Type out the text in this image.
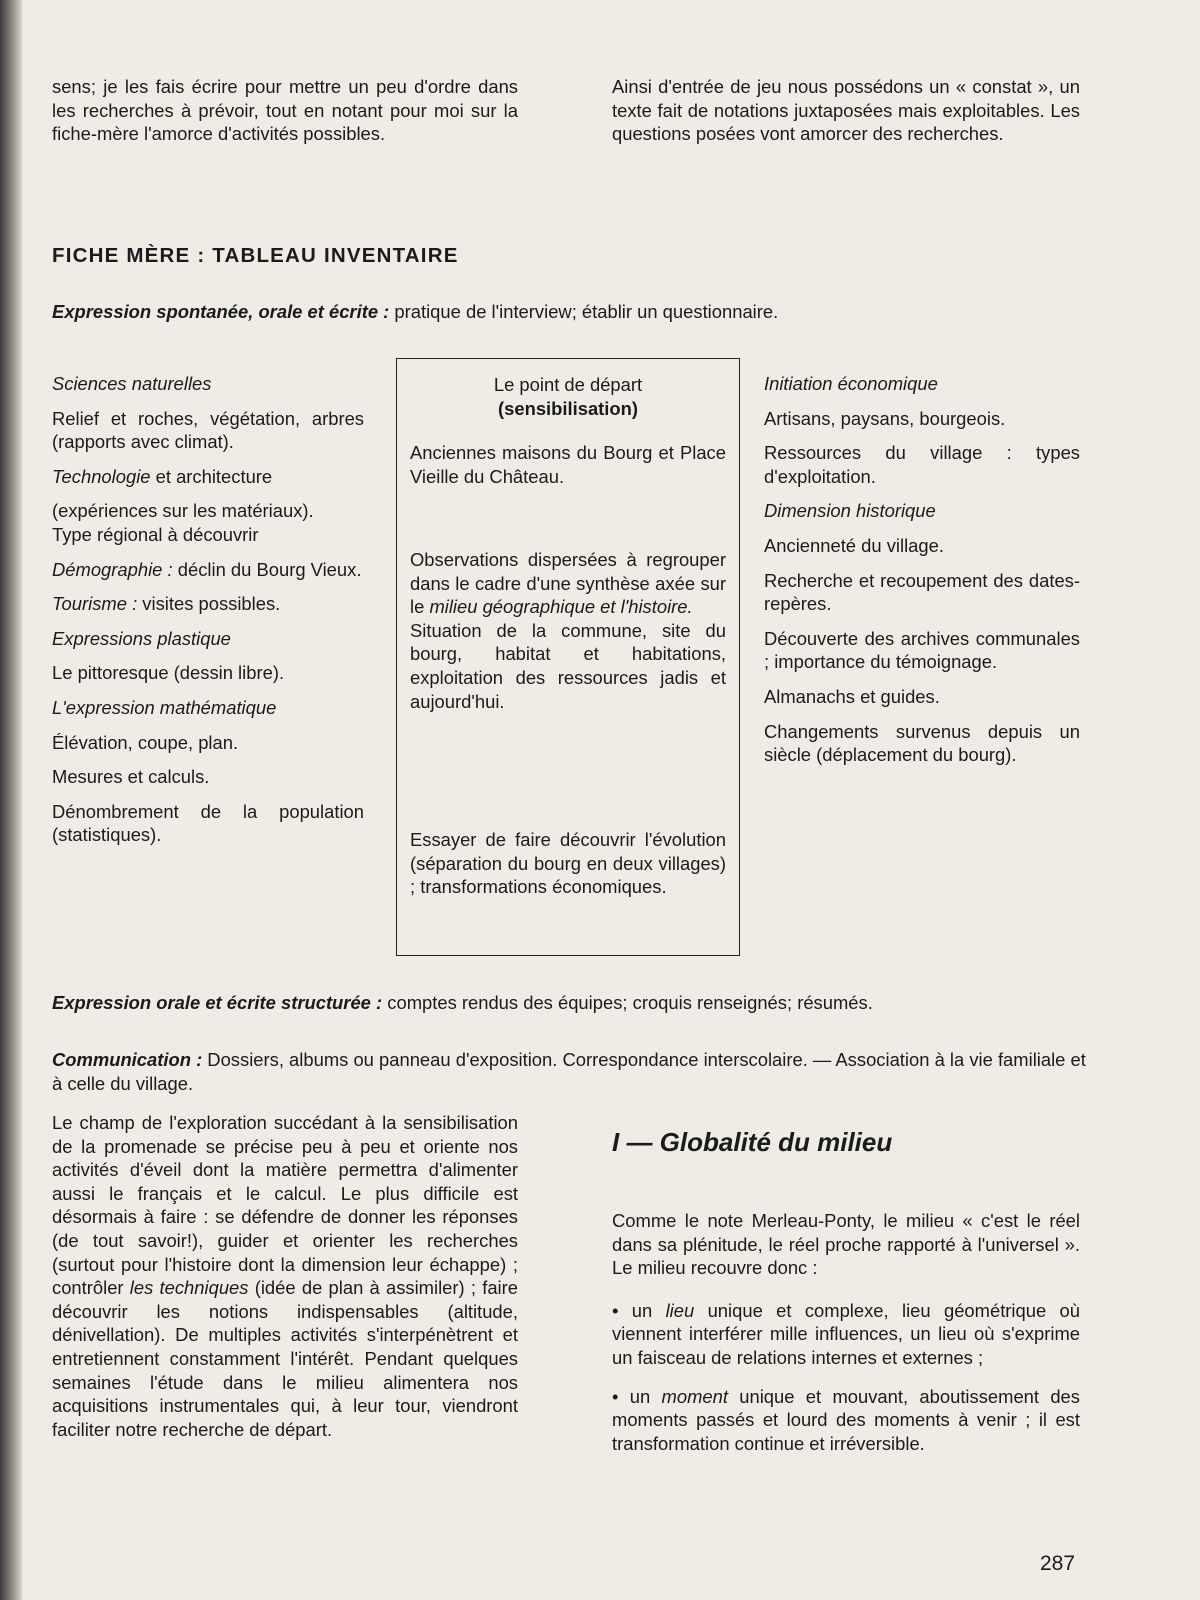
sens; je les fais écrire pour mettre un peu d'ordre dans les recherches à prévoir, tout en notant pour moi sur la fiche-mère l'amorce d'activités possibles.

Ainsi d'entrée de jeu nous possédons un « constat », un texte fait de notations juxtaposées mais exploitables. Les questions posées vont amorcer des recherches.

FICHE MÈRE : TABLEAU INVENTAIRE
Expression spontanée, orale et écrite : pratique de l'interview; établir un questionnaire.

Sciences naturelles

Relief et roches, végétation, arbres (rapports avec climat).

Technologie et architecture

(expériences sur les matériaux).

Type régional à découvrir

Démographie : déclin du Bourg Vieux.

Tourisme : visites possibles.

Expressions plastique

Le pittoresque (dessin libre).

L'expression mathématique

Élévation, coupe, plan.

Mesures et calculs.

Dénombrement de la population (statistiques).

Le point de départ

(sensibilisation)

Anciennes maisons du Bourg et Place Vieille du Château.

Observations dispersées à regrouper dans le cadre d'une synthèse axée sur le milieu géographique et l'histoire.

Situation de la commune, site du bourg, habitat et habitations, exploitation des ressources jadis et aujourd'hui.

Essayer de faire découvrir l'évolution (séparation du bourg en deux villages) ; transformations économiques.

Initiation économique

Artisans, paysans, bourgeois.

Ressources du village : types d'exploitation.

Dimension historique

Ancienneté du village.

Recherche et recoupement des dates-repères.

Découverte des archives communales ; importance du témoignage.

Almanachs et guides.

Changements survenus depuis un siècle (déplacement du bourg).

Expression orale et écrite structurée : comptes rendus des équipes; croquis renseignés; résumés.
Communication : Dossiers, albums ou panneau d'exposition. Correspondance interscolaire. — Association à la vie familiale et à celle du village.

Le champ de l'exploration succédant à la sensibilisation de la promenade se précise peu à peu et oriente nos activités d'éveil dont la matière permettra d'alimenter aussi le français et le calcul. Le plus difficile est désormais à faire : se défendre de donner les réponses (de tout savoir!), guider et orienter les recherches (surtout pour l'histoire dont la dimension leur échappe) ; contrôler les techniques (idée de plan à assimiler) ; faire découvrir les notions indispensables (altitude, dénivellation). De multiples activités s'interpénètrent et entretiennent constamment l'intérêt. Pendant quelques semaines l'étude dans le milieu alimentera nos acquisitions instrumentales qui, à leur tour, viendront faciliter notre recherche de départ.

I — Globalité du milieu

Comme le note Merleau-Ponty, le milieu « c'est le réel dans sa plénitude, le réel proche rapporté à l'universel ». Le milieu recouvre donc :

• un lieu unique et complexe, lieu géométrique où viennent interférer mille influences, un lieu où s'exprime un faisceau de relations internes et externes ;

• un moment unique et mouvant, aboutissement des moments passés et lourd des moments à venir ; il est transformation continue et irréversible.

287
